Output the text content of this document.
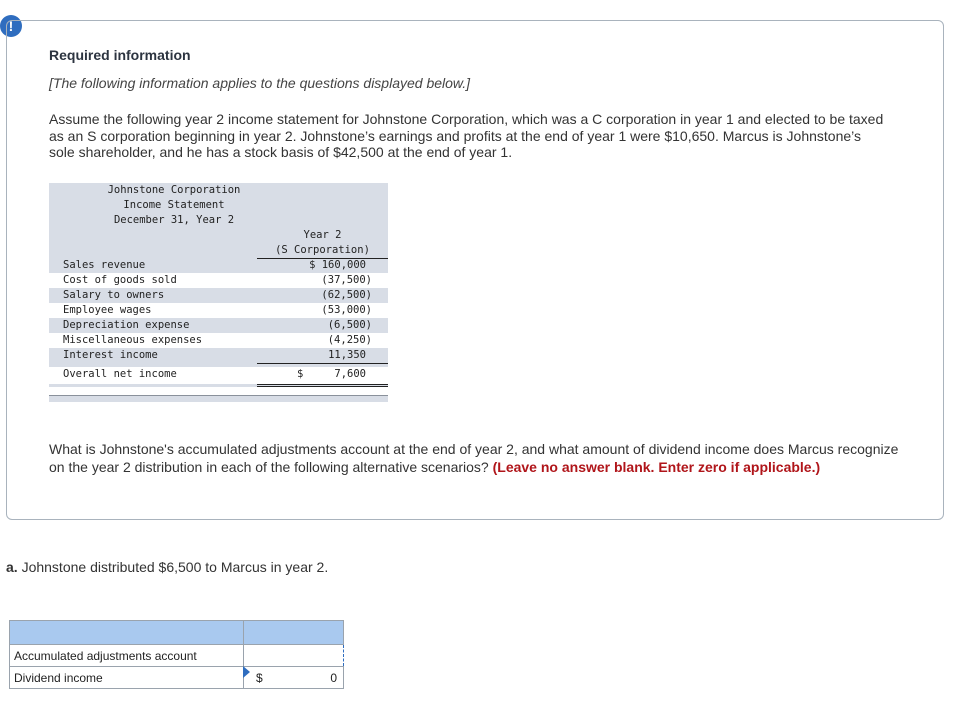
!
Required information
[The following information applies to the questions displayed below.]
Assume the following year 2 income statement for Johnstone Corporation, which was a C corporation in year 1 and elected to be taxed as an S corporation beginning in year 2. Johnstone’s earnings and profits at the end of year 1 were $10,650. Marcus is Johnstone’s sole shareholder, and he has a stock basis of $42,500 at the end of year 1.
Johnstone Corporation
Income Statement
December 31, Year 2
Year 2
(S Corporation)
Sales revenue	$ 160,000
Cost of goods sold	(37,500)
Salary to owners	(62,500)
Employee wages	(53,000)
Depreciation expense	(6,500)
Miscellaneous expenses	(4,250)
Interest income	11,350
Overall net income	$	7,600
What is Johnstone's accumulated adjustments account at the end of year 2, and what amount of dividend income does Marcus recognize on the year 2 distribution in each of the following alternative scenarios? (Leave no answer blank. Enter zero if applicable.)
a. Johnstone distributed $6,500 to Marcus in year 2.

Accumulated adjustments account	

Dividend income	$ 0
